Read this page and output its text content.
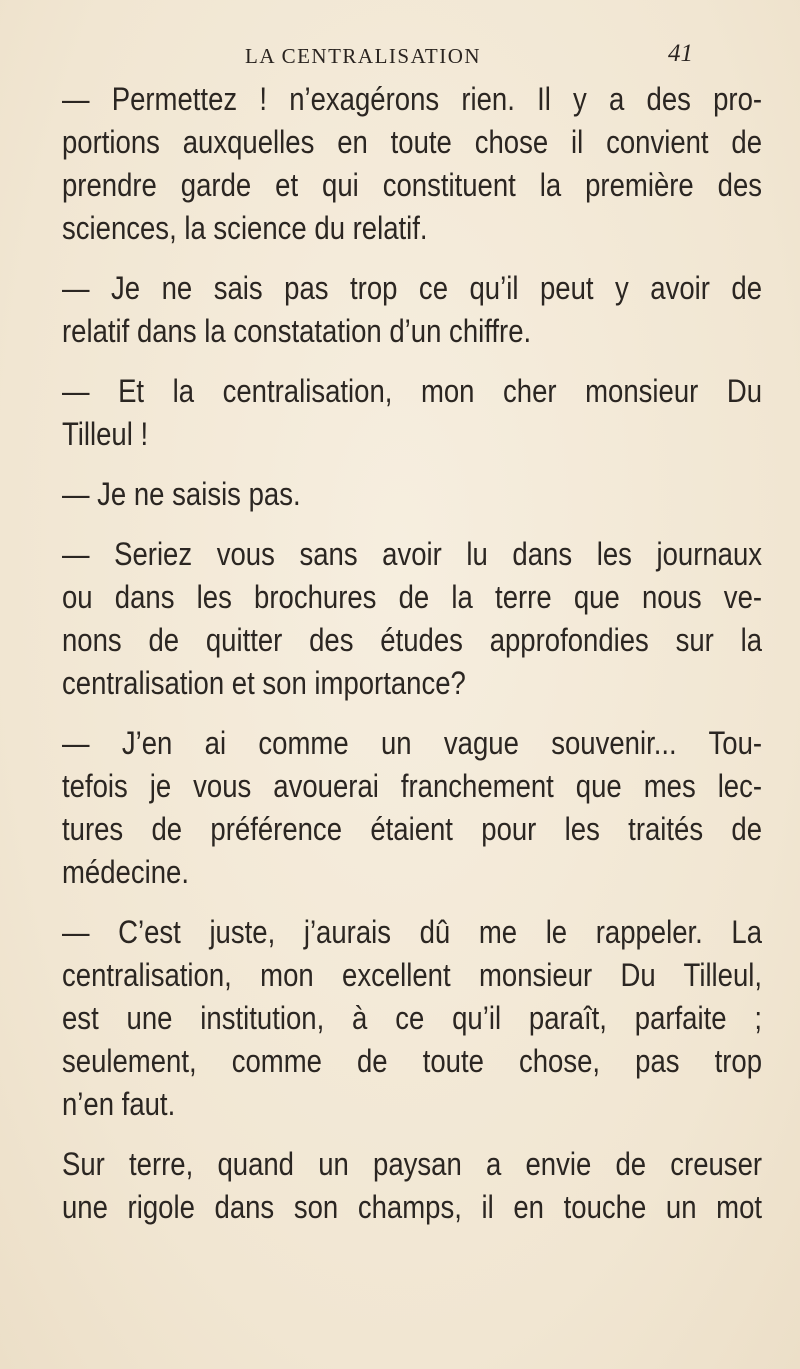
LA CENTRALISATION	41
— Permettez ! n’exagérons rien. Il y a des pro-
portions auxquelles en toute chose il convient de
prendre garde et qui constituent la première des
sciences, la science du relatif.
— Je ne sais pas trop ce qu’il peut y avoir de
relatif dans la constatation d’un chiffre.
— Et la centralisation, mon cher monsieur Du
Tilleul !
— Je ne saisis pas.
— Seriez vous sans avoir lu dans les journaux
ou dans les brochures de la terre que nous ve-
nons de quitter des études approfondies sur la
centralisation et son importance?
— J’en ai comme un vague souvenir... Tou-
tefois je vous avouerai franchement que mes lec-
tures de préférence étaient pour les traités de
médecine.
— C’est juste, j’aurais dû me le rappeler. La
centralisation, mon excellent monsieur Du Tilleul,
est une institution, à ce qu’il paraît, parfaite ;
seulement, comme de toute chose, pas trop
n’en faut.
Sur terre, quand un paysan a envie de creuser
une rigole dans son champs, il en touche un mot
